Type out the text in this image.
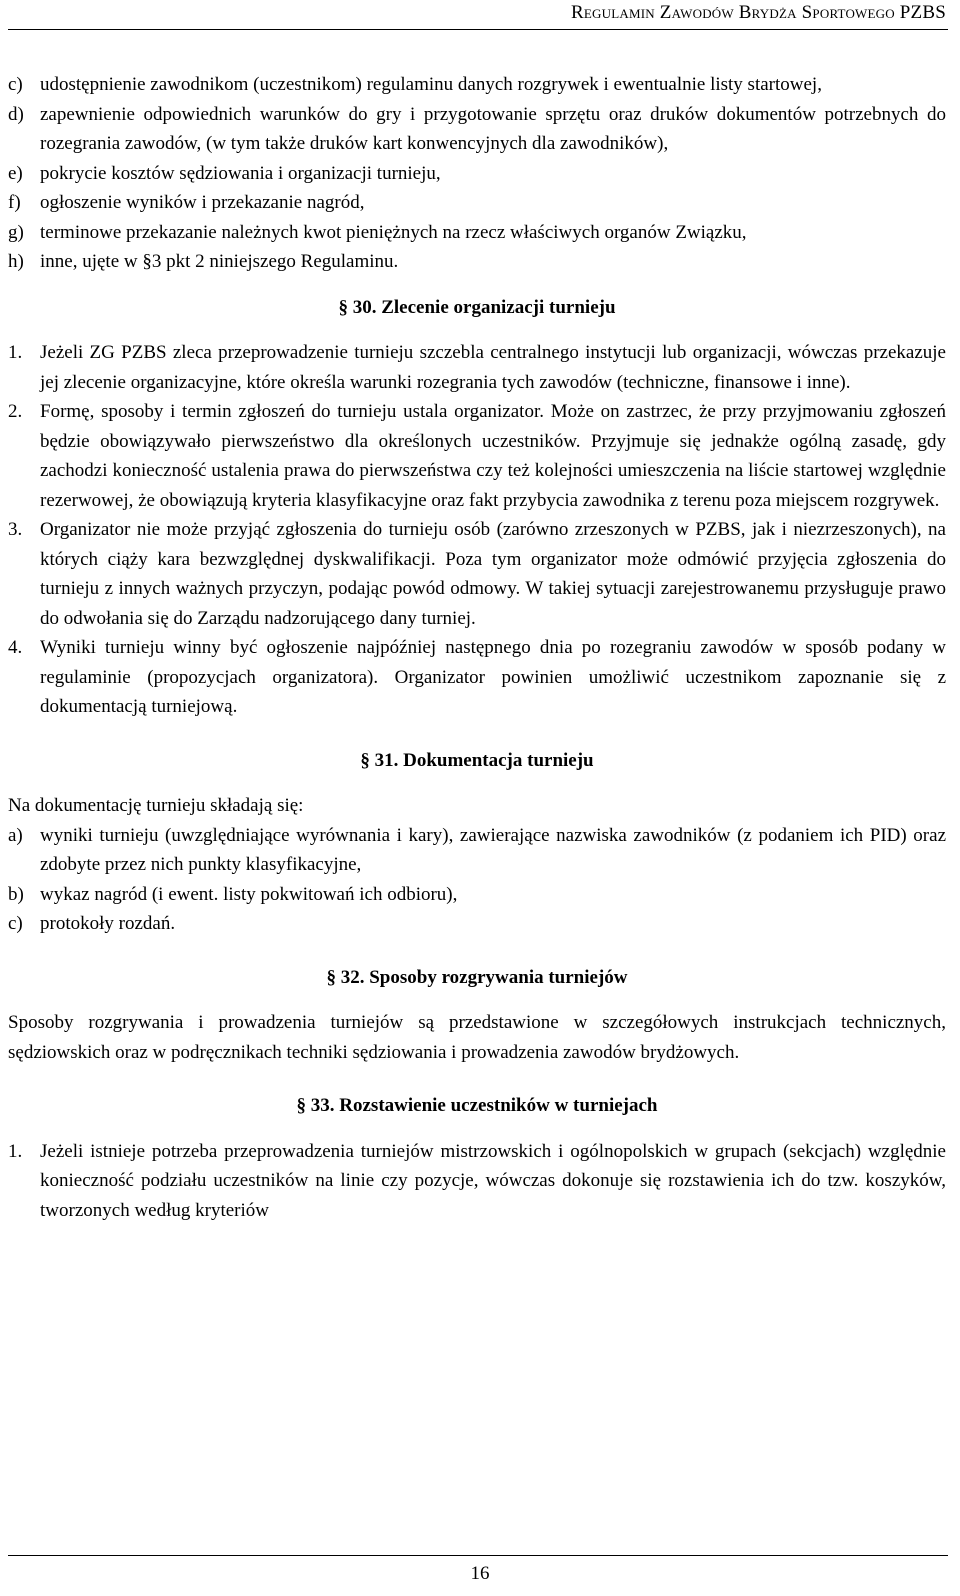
Regulamin Zawodów Brydża Sportowego PZBS
c) udostępnienie zawodnikom (uczestnikom) regulaminu danych rozgrywek i ewentualnie listy startowej,
d) zapewnienie odpowiednich warunków do gry i przygotowanie sprzętu oraz druków dokumentów potrzebnych do rozegrania zawodów, (w tym także druków kart konwencyjnych dla zawodników),
e) pokrycie kosztów sędziowania i organizacji turnieju,
f) ogłoszenie wyników i przekazanie nagród,
g) terminowe przekazanie należnych kwot pieniężnych na rzecz właściwych organów Związku,
h) inne, ujęte w §3 pkt 2 niniejszego Regulaminu.
§ 30. Zlecenie organizacji turnieju
1. Jeżeli ZG PZBS zleca przeprowadzenie turnieju szczebla centralnego instytucji lub organizacji, wówczas przekazuje jej zlecenie organizacyjne, które określa warunki rozegrania tych zawodów (techniczne, finansowe i inne).
2. Formę, sposoby i termin zgłoszeń do turnieju ustala organizator. Może on zastrzec, że przy przyjmowaniu zgłoszeń będzie obowiązywało pierwszeństwo dla określonych uczestników. Przyjmuje się jednakże ogólną zasadę, gdy zachodzi konieczność ustalenia prawa do pierwszeństwa czy też kolejności umieszczenia na liście startowej względnie rezerwowej, że obowiązują kryteria klasyfikacyjne oraz fakt przybycia zawodnika z terenu poza miejscem rozgrywek.
3. Organizator nie może przyjąć zgłoszenia do turnieju osób (zarówno zrzeszonych w PZBS, jak i niezrzeszonych), na których ciąży kara bezwzględnej dyskwalifikacji. Poza tym organizator może odmówić przyjęcia zgłoszenia do turnieju z innych ważnych przyczyn, podając powód odmowy. W takiej sytuacji zarejestrowanemu przysługuje prawo do odwołania się do Zarządu nadzorującego dany turniej.
4. Wyniki turnieju winny być ogłoszenie najpóźniej następnego dnia po rozegraniu zawodów w sposób podany w regulaminie (propozycjach organizatora). Organizator powinien umożliwić uczestnikom zapoznanie się z dokumentacją turniejową.
§ 31. Dokumentacja turnieju
Na dokumentację turnieju składają się:
a) wyniki turnieju (uwzględniające wyrównania i kary), zawierające nazwiska zawodników (z podaniem ich PID) oraz zdobyte przez nich punkty klasyfikacyjne,
b) wykaz nagród (i ewent. listy pokwitowań ich odbioru),
c) protokoły rozdań.
§ 32. Sposoby rozgrywania turniejów
Sposoby rozgrywania i prowadzenia turniejów są przedstawione w szczegółowych instrukcjach technicznych, sędziowskich oraz w podręcznikach techniki sędziowania i prowadzenia zawodów brydżowych.
§ 33. Rozstawienie uczestników w turniejach
1. Jeżeli istnieje potrzeba przeprowadzenia turniejów mistrzowskich i ogólnopolskich w grupach (sekcjach) względnie konieczność podziału uczestników na linie czy pozycje, wówczas dokonuje się rozstawienia ich do tzw. koszyków, tworzonych według kryteriów
16
